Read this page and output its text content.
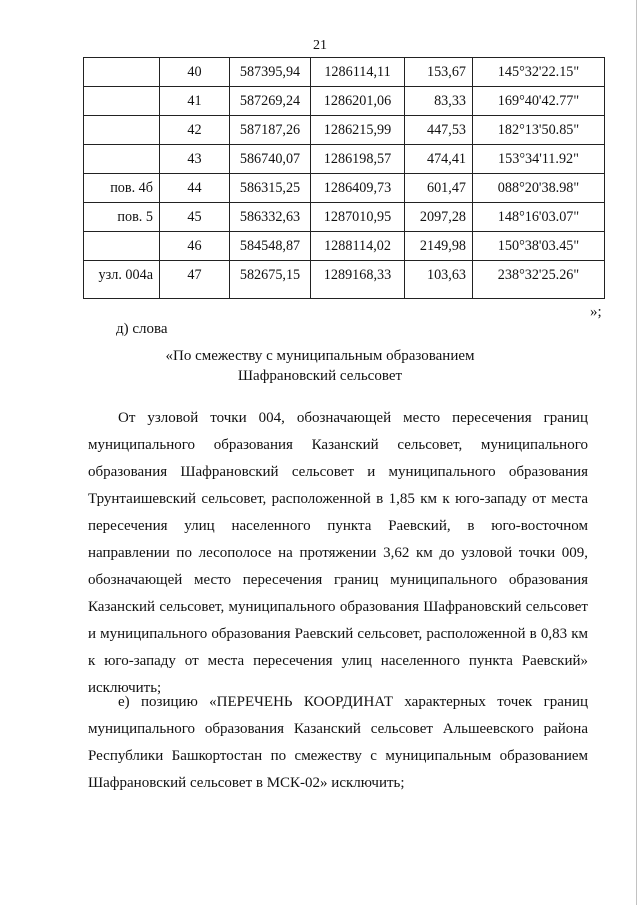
21
	40	587395,94	1286114,11	153,67	145°32'22.15"
	41	587269,24	1286201,06	83,33	169°40'42.77"
	42	587187,26	1286215,99	447,53	182°13'50.85"
	43	586740,07	1286198,57	474,41	153°34'11.92"
пов. 4б	44	586315,25	1286409,73	601,47	088°20'38.98"
пов. 5	45	586332,63	1287010,95	2097,28	148°16'03.07"
	46	584548,87	1288114,02	2149,98	150°38'03.45"
узл. 004а	47	582675,15	1289168,33	103,63	238°32'25.26"
»;
д) слова
«По смежеству с муниципальным образованием
Шафрановский сельсовет
От узловой точки 004, обозначающей место пересечения границ
муниципального образования Казанский сельсовет, муниципального
образования Шафрановский сельсовет и муниципального образования
Трунтаишевский сельсовет, расположенной в 1,85 км к юго-западу от места
пересечения улиц населенного пункта Раевский, в юго-восточном
направлении по лесополосе на протяжении 3,62 км до узловой точки 009,
обозначающей место пересечения границ муниципального образования
Казанский сельсовет, муниципального образования Шафрановский сельсовет
и муниципального образования Раевский сельсовет, расположенной в 0,83 км
к юго-западу от места пересечения улиц населенного пункта Раевский»
исключить;
е) позицию «ПЕРЕЧЕНЬ КООРДИНАТ характерных точек границ
муниципального образования Казанский сельсовет Альшеевского района
Республики Башкортостан по смежеству с муниципальным образованием
Шафрановский сельсовет в МСК-02» исключить;
